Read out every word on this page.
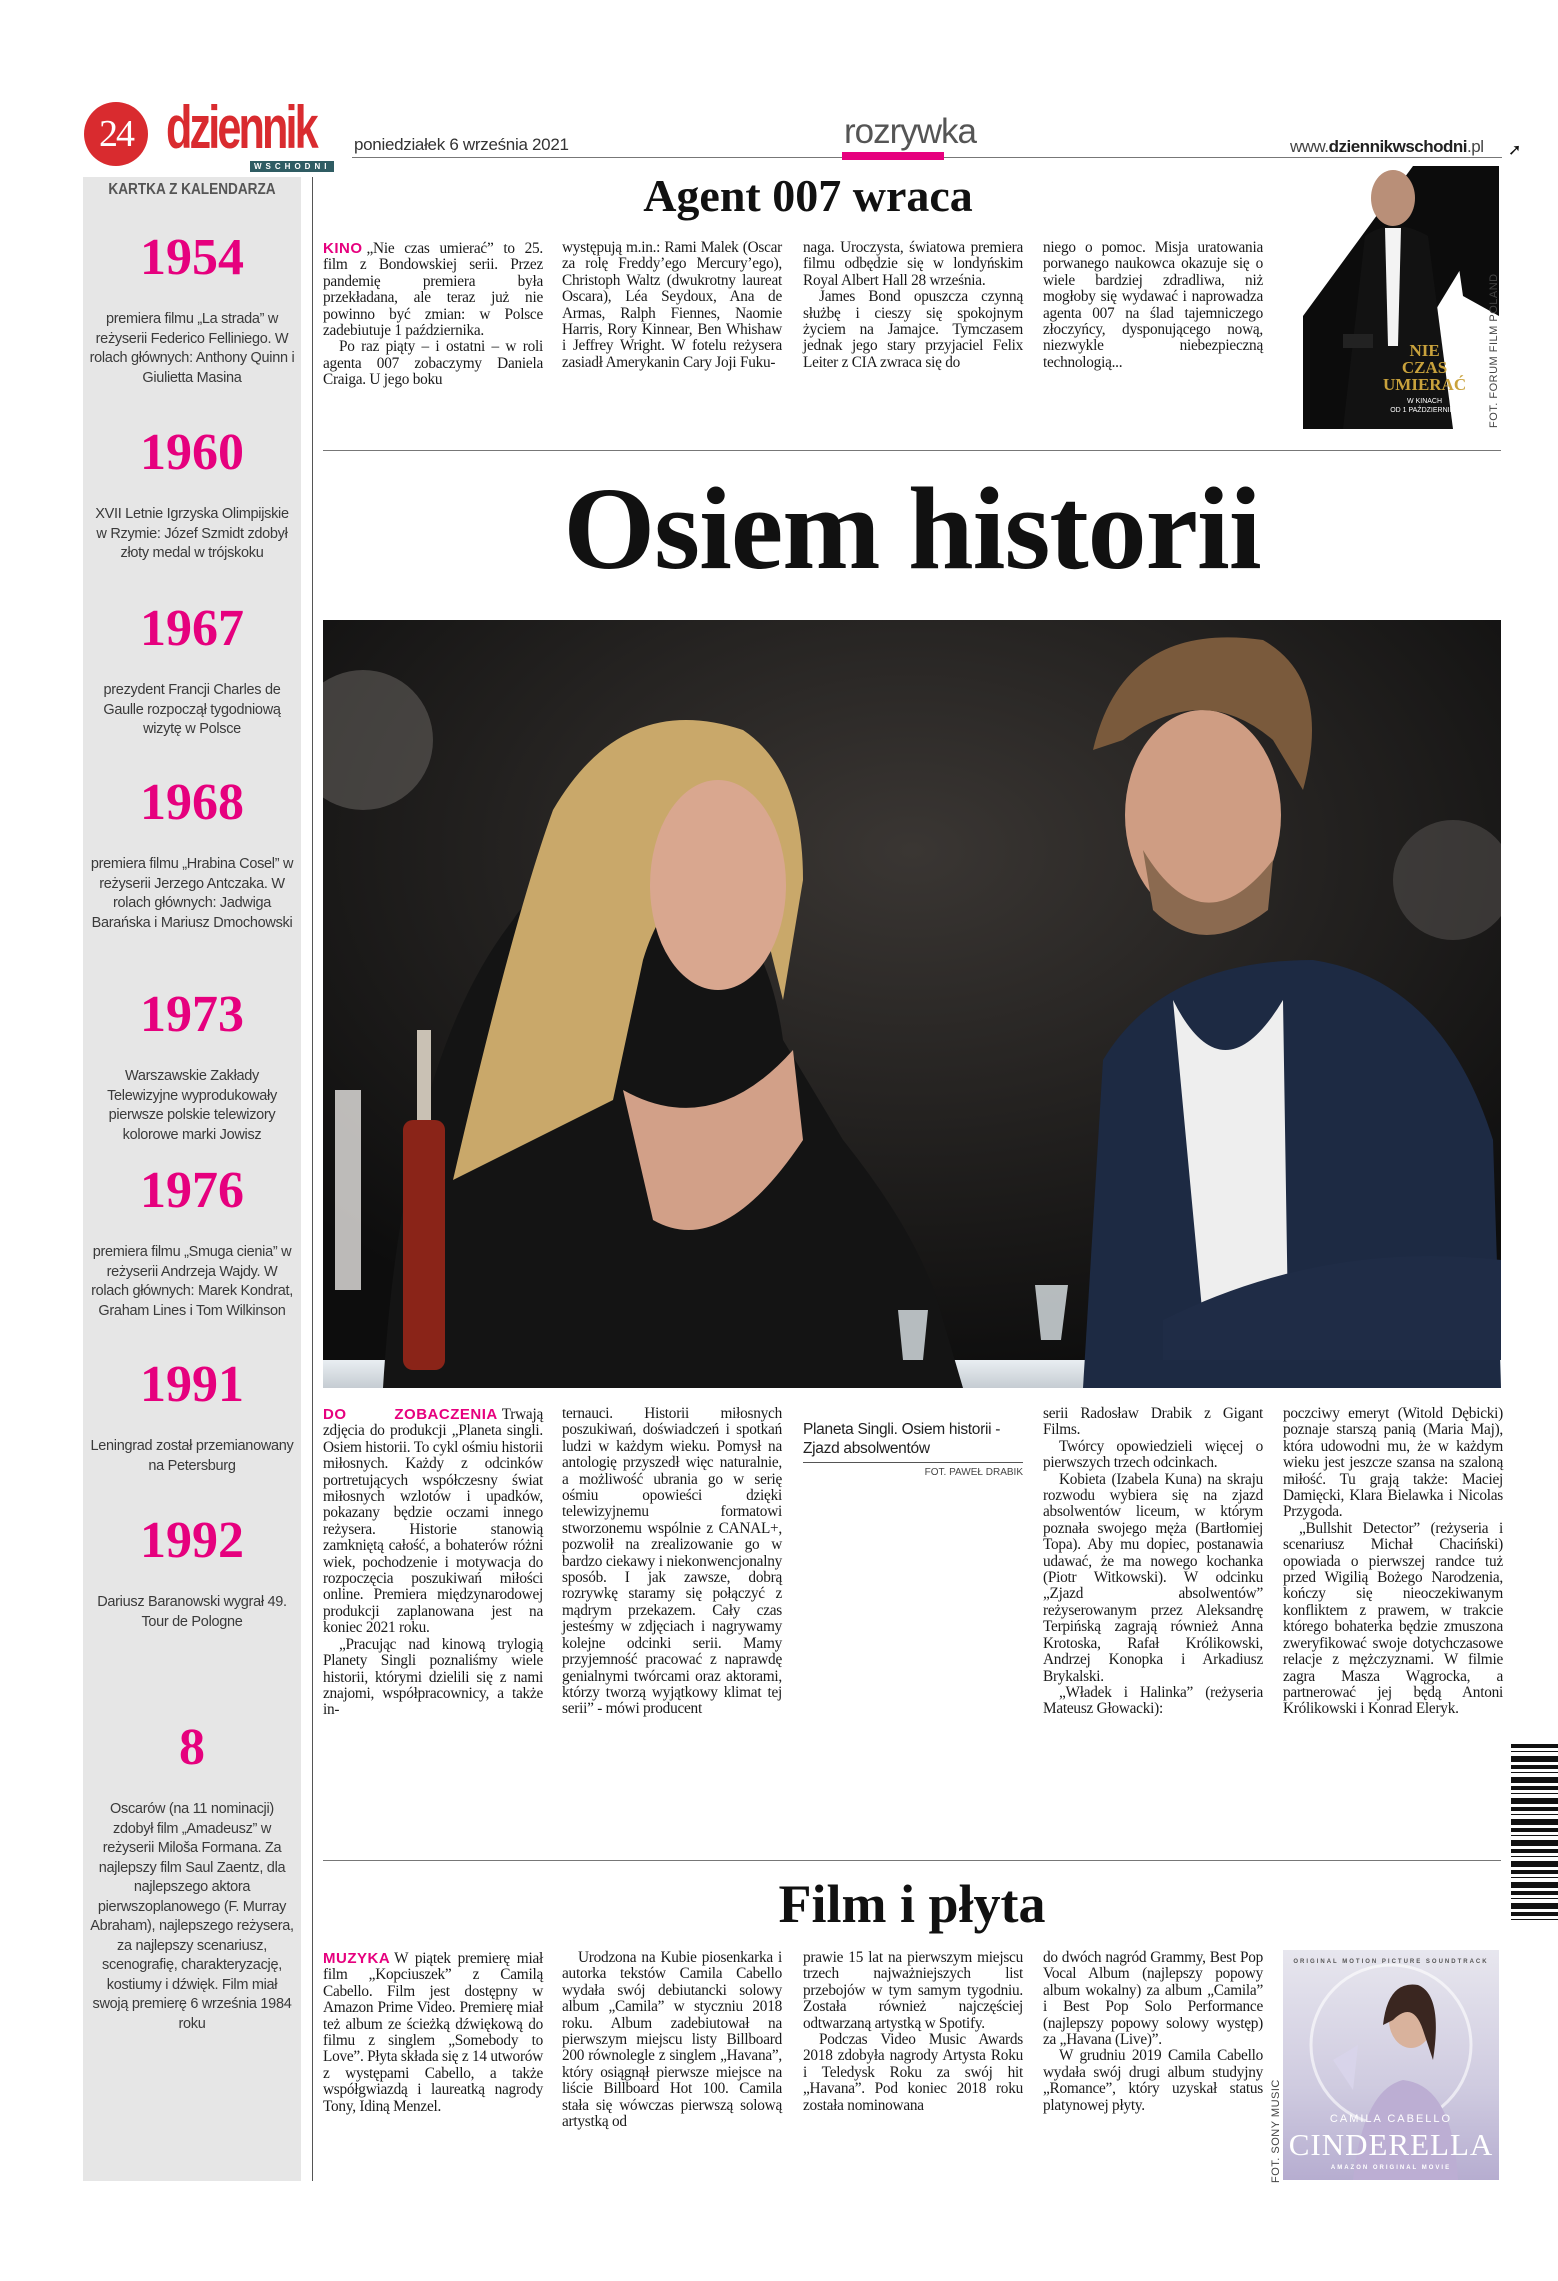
24 dziennik
WSCHODNI
poniedziałek 6 września 2021	rozrywka	www.dziennikwschodni.pl ➚
KARTKA Z KALENDARZA
1954
premiera filmu „La strada” w reżyserii Federico Felliniego. W rolach głównych: Anthony Quinn i Giulietta Masina
1960
XVII Letnie Igrzyska Olimpijskie w Rzymie: Józef Szmidt zdobył złoty medal w trójskoku
1967
prezydent Francji Charles de Gaulle rozpoczął tygodniową wizytę w Polsce
1968
premiera filmu „Hrabina Cosel” w reżyserii Jerzego Antczaka. W rolach głównych: Jadwiga Barańska i Mariusz Dmochowski
1973
Warszawskie Zakłady Telewizyjne wyprodukowały pierwsze polskie telewizory kolorowe marki Jowisz
1976
premiera filmu „Smuga cienia” w reżyserii Andrzeja Wajdy. W rolach głównych: Marek Kondrat, Graham Lines i Tom Wilkinson
1991
Leningrad został przemianowany na Petersburg
1992
Dariusz Baranowski wygrał 49. Tour de Pologne
8
Oscarów (na 11 nominacji) zdobył film „Amadeusz” w reżyserii Miloša Formana. Za najlepszy film Saul Zaentz, dla najlepszego aktora pierwszoplanowego (F. Murray Abraham), najlepszego reżysera, za najlepszy scenariusz, scenografię, charakteryzację, kostiumy i dźwięk. Film miał swoją premierę 6 września 1984 roku
Agent 007 wraca

KINO „Nie czas umierać” to 25. film z Bondowskiej serii. Przez pandemię premiera była przekładana, ale teraz już nie powinno być zmian: w Polsce zadebiutuje 1 października.

Po raz piąty – i ostatni – w roli agenta 007 zobaczymy Daniela Craiga. U jego boku

występują m.in.: Rami Malek (Oscar za rolę Freddy’ego Mercury’ego), Christoph Waltz (dwukrotny laureat Oscara), Léa Seydoux, Ana de Armas, Ralph Fiennes, Naomie Harris, Rory Kinnear, Ben Whishaw i Jeffrey Wright. W fotelu reżysera zasiadł Amerykanin Cary Joji Fuku-

naga. Uroczysta, światowa premiera filmu odbędzie się w londyńskim Royal Albert Hall 28 września.

James Bond opuszcza czynną służbę i cieszy się spokojnym życiem na Jamajce. Tymczasem jednak jego stary przyjaciel Felix Leiter z CIA zwraca się do

niego o pomoc. Misja uratowania porwanego naukowca okazuje się o wiele bardziej zdradliwa, niż mogłoby się wydawać i naprowadza agenta 007 na ślad tajemniczego złoczyńcy, dysponującego nową, niezwykle niebezpieczną technologią...

NIE
CZAS
UMIERAĆ
W KINACH
OD 1 PAŹDZIERNIKA	FOT. FORUM FILM POLAND
Osiem historii

DO ZOBACZENIA Trwają zdjęcia do produkcji „Planeta singli. Osiem historii. To cykl ośmiu historii miłosnych. Każdy z odcinków portretujących współczesny świat miłosnych wzlotów i upadków, pokazany będzie oczami innego reżysera. Historie stanowią zamkniętą całość, a bohaterów różni wiek, pochodzenie i motywacja do rozpoczęcia poszukiwań miłości online. Premiera międzynarodowej produkcji zaplanowana jest na koniec 2021 roku.

„Pracując nad kinową trylogią Planety Singli poznaliśmy wiele historii, którymi dzielili się z nami znajomi, współpracownicy, a także in-

ternauci. Historii miłosnych poszukiwań, doświadczeń i spotkań ludzi w każdym wieku. Pomysł na antologię przyszedł więc naturalnie, a możliwość ubrania go w serię ośmiu opowieści dzięki telewizyjnemu formatowi stworzonemu wspólnie z CANAL+, pozwolił na zrealizowanie go w bardzo ciekawy i niekonwencjonalny sposób. I jak zawsze, dobrą rozrywkę staramy się połączyć z mądrym przekazem. Cały czas jesteśmy w zdjęciach i nagrywamy kolejne odcinki serii. Mamy przyjemność pracować z naprawdę genialnymi twórcami oraz aktorami, którzy tworzą wyjątkowy klimat tej serii” - mówi producent

serii Radosław Drabik z Gigant Films.

Twórcy opowiedzieli więcej o pierwszych trzech odcinkach.

Kobieta (Izabela Kuna) na skraju rozwodu wybiera się na zjazd absolwentów liceum, w którym poznała swojego męża (Bartłomiej Topa). Aby mu dopiec, postanawia udawać, że ma nowego kochanka (Piotr Witkowski). W odcinku „Zjazd absolwentów” reżyserowanym przez Aleksandrę Terpińską zagrają również Anna Krotoska, Rafał Królikowski, Andrzej Konopka i Arkadiusz Brykalski.

„Władek i Halinka” (reżyseria Mateusz Głowacki):

poczciwy emeryt (Witold Dębicki) poznaje starszą panią (Maria Maj), która udowodni mu, że w każdym wieku jest jeszcze szansa na szaloną miłość. Tu grają także: Maciej Damięcki, Klara Bielawka i Nicolas Przygoda.

„Bullshit Detector” (reżyseria i scenariusz Michał Chaciński) opowiada o pierwszej randce tuż przed Wigilią Bożego Narodzenia, kończy się nieoczekiwanym konfliktem z prawem, w trakcie którego bohaterka będzie zmuszona zweryfikować swoje dotychczasowe relacje z mężczyznami. W filmie zagra Masza Wągrocka, a partnerować jej będą Antoni Królikowski i Konrad Eleryk.

Planeta Singli. Osiem historii - Zjazd absolwentów
FOT. PAWEŁ DRABIK
Film i płyta

MUZYKA W piątek premierę miał film „Kopciuszek” z Camilą Cabello. Film jest dostępny w Amazon Prime Video. Premierę miał też album ze ścieżką dźwiękową do filmu z singlem „Somebody to Love”. Płyta składa się z 14 utworów z występami Cabello, a także współgwiazdą i laureatką nagrody Tony, Idiną Menzel.

Urodzona na Kubie piosenkarka i autorka tekstów Camila Cabello wydała swój debiutancki solowy album „Camila” w styczniu 2018 roku. Album zadebiutował na pierwszym miejscu listy Billboard 200 równolegle z singlem „Havana”, który osiągnął pierwsze miejsce na liście Billboard Hot 100. Camila stała się wówczas pierwszą solową artystką od

prawie 15 lat na pierwszym miejscu trzech najważniejszych list przebojów w tym samym tygodniu. Została również najczęściej odtwarzaną artystką w Spotify.

Podczas Video Music Awards 2018 zdobyła nagrody Artysta Roku i Teledysk Roku za swój hit „Havana”. Pod koniec 2018 roku została nominowana

do dwóch nagród Grammy, Best Pop Vocal Album (najlepszy popowy album wokalny) za album „Camila” i Best Pop Solo Performance (najlepszy popowy solowy występ) za „Havana (Live)”.

W grudniu 2019 Camila Cabello wydała swój drugi album studyjny „Romance”, który uzyskał status platynowej płyty.	FOT. SONY MUSIC
ORIGINAL MOTION PICTURE SOUNDTRACK
CAMILA CABELLO
CINDERELLA
AMAZON ORIGINAL MOVIE
